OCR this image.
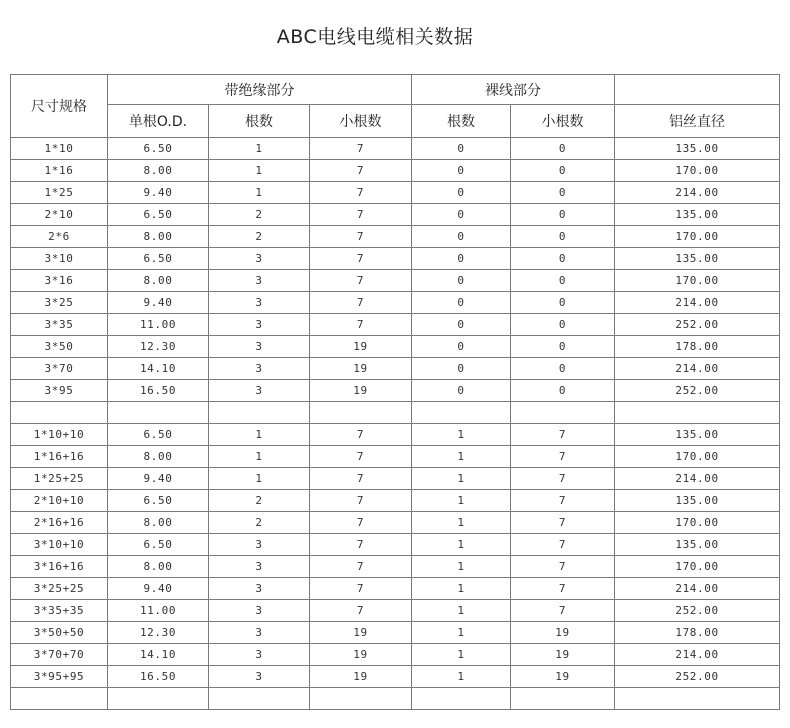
ABC电线电缆相关数据
尺寸规格	带绝缘部分			裸线部分		
	单根O.D.	根数	小根数	根数	小根数	铝丝直径
1*10	6.50	1	7	0	0	135.00
1*16	8.00	1	7	0	0	170.00
1*25	9.40	1	7	0	0	214.00
2*10	6.50	2	7	0	0	135.00
2*6	8.00	2	7	0	0	170.00
3*10	6.50	3	7	0	0	135.00
3*16	8.00	3	7	0	0	170.00
3*25	9.40	3	7	0	0	214.00
3*35	11.00	3	7	0	0	252.00
3*50	12.30	3	19	0	0	178.00
3*70	14.10	3	19	0	0	214.00
3*95	16.50	3	19	0	0	252.00

1*10+10	6.50	1	7	1	7	135.00
1*16+16	8.00	1	7	1	7	170.00
1*25+25	9.40	1	7	1	7	214.00
2*10+10	6.50	2	7	1	7	135.00
2*16+16	8.00	2	7	1	7	170.00
3*10+10	6.50	3	7	1	7	135.00
3*16+16	8.00	3	7	1	7	170.00
3*25+25	9.40	3	7	1	7	214.00
3*35+35	11.00	3	7	1	7	252.00
3*50+50	12.30	3	19	1	19	178.00
3*70+70	14.10	3	19	1	19	214.00
3*95+95	16.50	3	19	1	19	252.00
